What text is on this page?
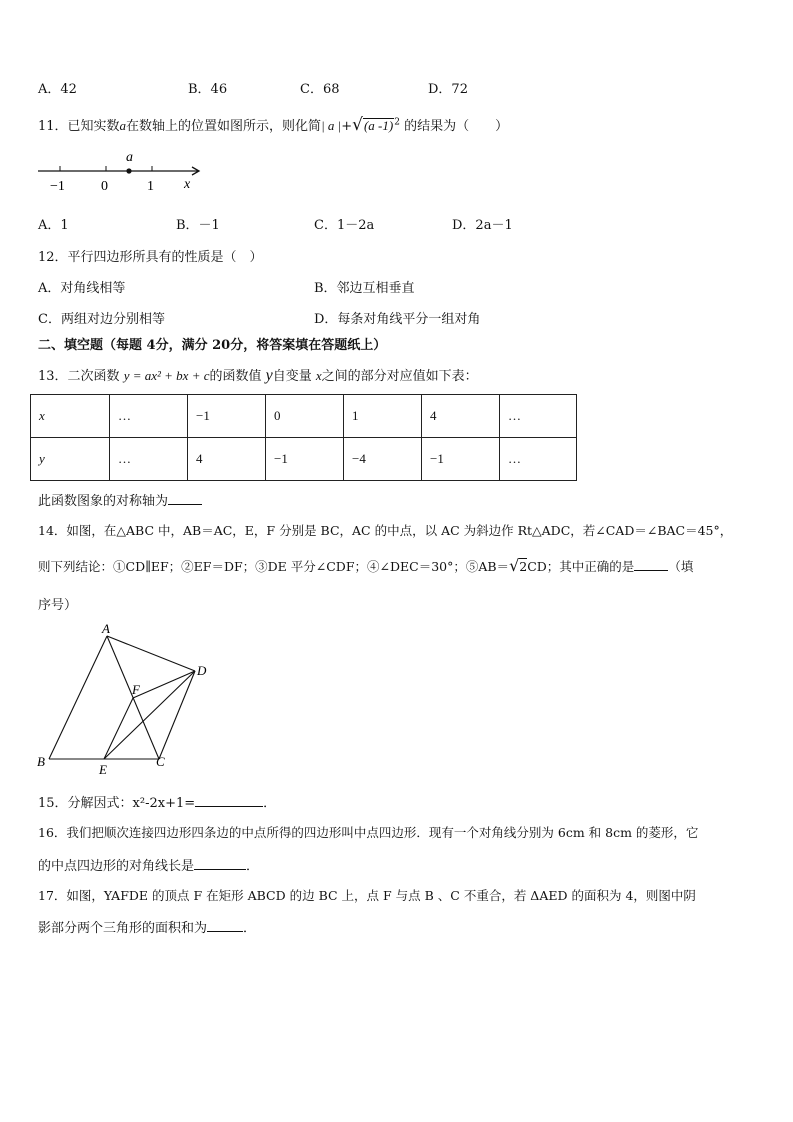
A．42	B．46	C．68	D．72
11．已知实数a在数轴上的位置如图所示，则化简| a |+√(a -1)$^2$ 的结果为（　　）
a
−1	0	1 x
A．1	B．－1	C．1－2a	D．2a－1
12．平行四边形所具有的性质是（　）
A．对角线相等	B．邻边互相垂直
C．两组对边分别相等	D．每条对角线平分一组对角
二、填空题（每题 4分，满分 20分，将答案填在答题纸上）
13．二次函数 y = ax² + bx + c的函数值 y自变量 x之间的部分对应值如下表：
x	…	−1	0	1	4	…
y	…	4	−1	−4	−1	…
此函数图象的对称轴为
14．如图，在△ABC 中，AB＝AC，E，F 分别是 BC，AC 的中点，以 AC 为斜边作 Rt△ADC，若∠CAD＝∠BAC＝45°，
则下列结论：①CD∥EF；②EF＝DF；③DE 平分∠CDF；④∠DEC＝30°；⑤AB＝√2CD；其中正确的是	（填
序号）
A
D
F
B
E
C
15．分解因式：x²-2x+1=	．
16．我们把顺次连接四边形四条边的中点所得的四边形叫中点四边形．现有一个对角线分别为 6cm 和 8cm 的菱形，它
的中点四边形的对角线长是	．
17．如图，YAFDE 的顶点 F 在矩形 ABCD 的边 BC 上，点 F 与点 B 、C 不重合，若 ΔAED 的面积为 4，则图中阴
影部分两个三角形的面积和为	．
